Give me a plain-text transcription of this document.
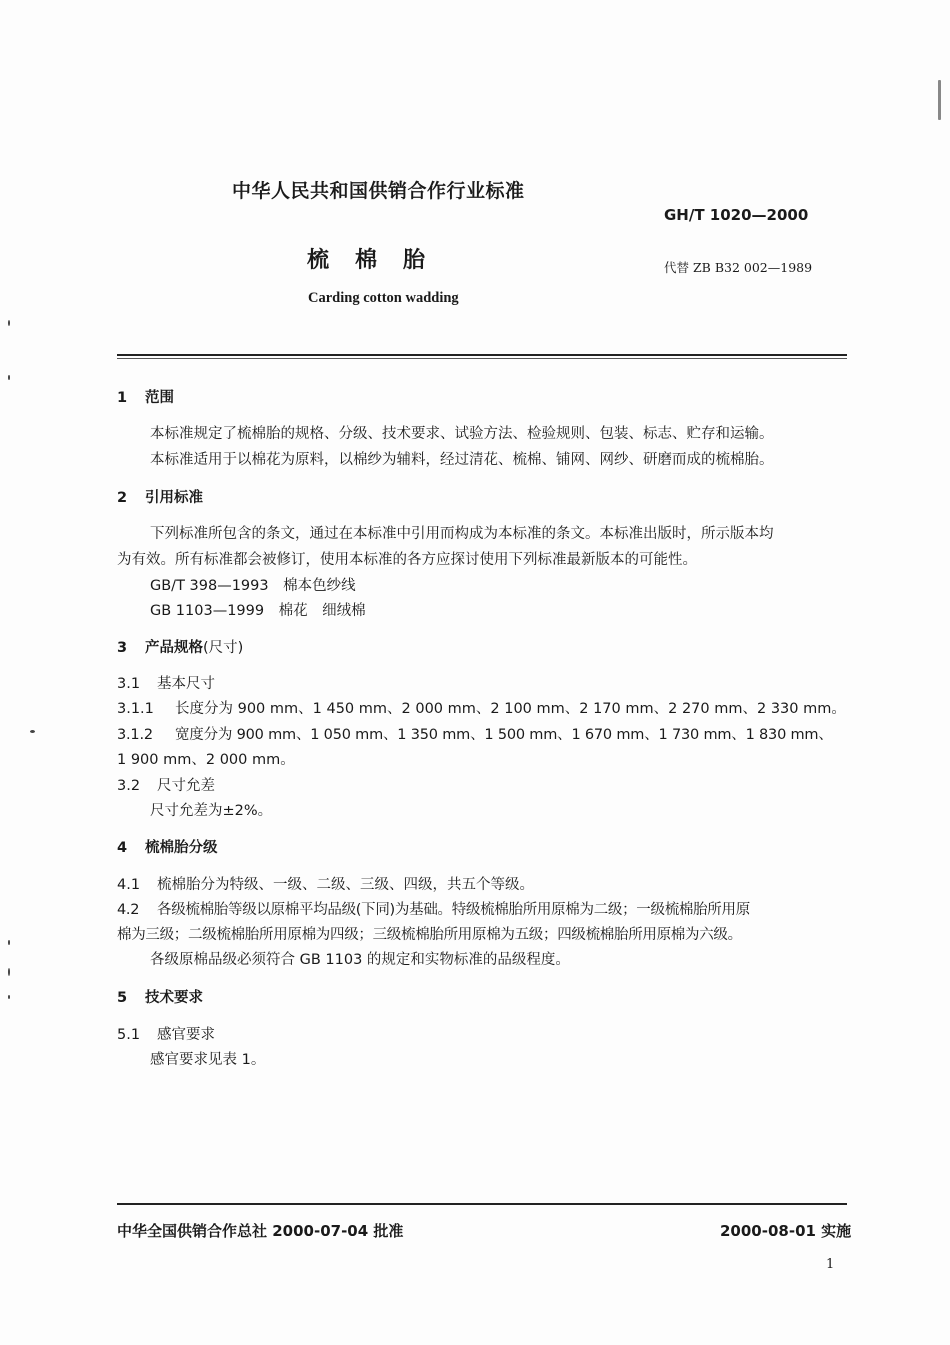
中华人民共和国供销合作行业标准
GH/T 1020—2000
梳棉胎	代替 ZB B32 002—1989
Carding cotton wadding
1 范围
本标准规定了梳棉胎的规格、分级、技术要求、试验方法、检验规则、包装、标志、贮存和运输。
本标准适用于以棉花为原料，以棉纱为辅料，经过清花、梳棉、铺网、网纱、研磨而成的梳棉胎。
2 引用标准
下列标准所包含的条文，通过在本标准中引用而构成为本标准的条文。本标准出版时，所示版本均
为有效。所有标准都会被修订，使用本标准的各方应探讨使用下列标准最新版本的可能性。
GB/T 398—1993　棉本色纱线
GB 1103—1999　棉花　细绒棉
3 产品规格(尺寸)
3.1 基本尺寸
3.1.1 长度分为 900 mm、1 450 mm、2 000 mm、2 100 mm、2 170 mm、2 270 mm、2 330 mm。
3.1.2 宽度分为 900 mm、1 050 mm、1 350 mm、1 500 mm、1 670 mm、1 730 mm、1 830 mm、
1 900 mm、2 000 mm。
3.2 尺寸允差
尺寸允差为±2%。
4 梳棉胎分级
4.1 梳棉胎分为特级、一级、二级、三级、四级，共五个等级。
4.2 各级梳棉胎等级以原棉平均品级(下同)为基础。特级梳棉胎所用原棉为二级；一级梳棉胎所用原
棉为三级；二级梳棉胎所用原棉为四级；三级梳棉胎所用原棉为五级；四级梳棉胎所用原棉为六级。
各级原棉品级必须符合 GB 1103 的规定和实物标准的品级程度。
5 技术要求
5.1 感官要求
感官要求见表 1。
中华全国供销合作总社 2000-07-04 批准	2000-08-01 实施
1
